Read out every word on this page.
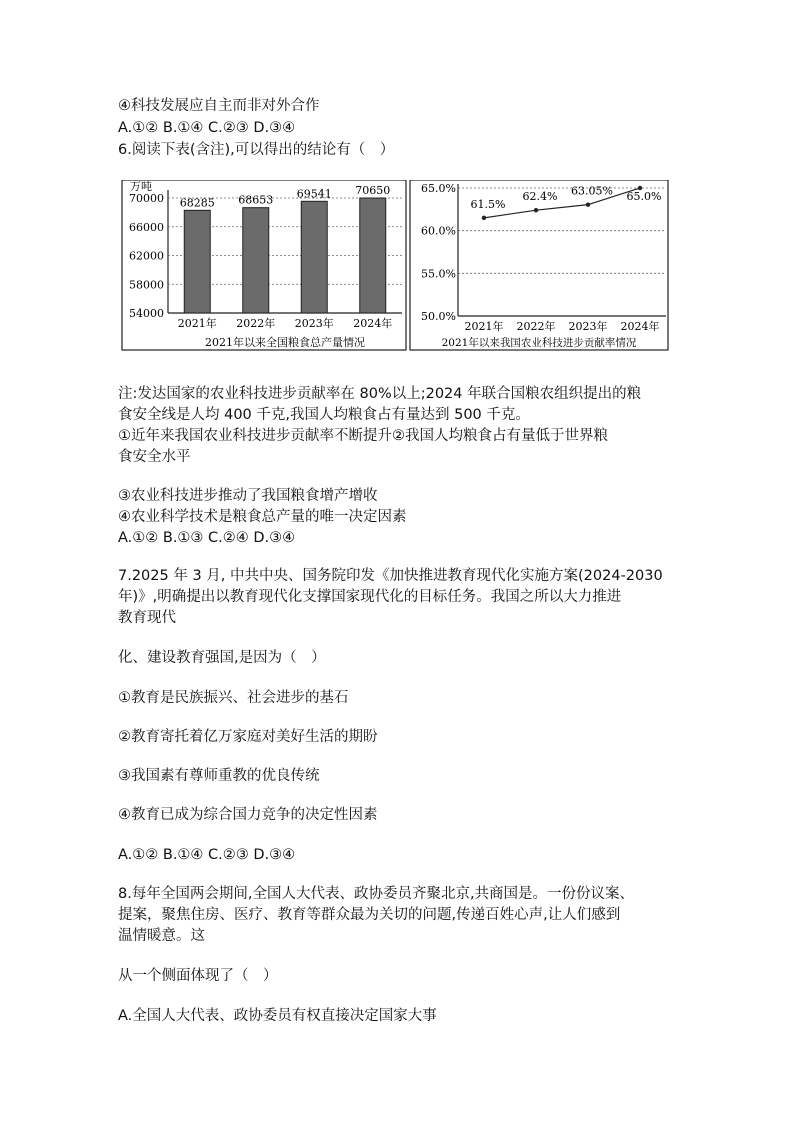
④科技发展应自主而非对外合作
A.①② B.①④ C.②③ D.③④
6.阅读下表(含注),可以得出的结论有（　）
54000
58000
62000
66000
70000
万吨
68285
2021年
68653
2022年
69541
2023年
70650
2024年
2021年以来全国粮食总产量情况
50.0%
55.0%
60.0%
65.0%
61.5%
2021年
62.4%
2022年
63.05%
2023年
65.0%
2024年
2021年以来我国农业科技进步贡献率情况
注:发达国家的农业科技进步贡献率在 80%以上;2024 年联合国粮农组织提出的粮
食安全线是人均 400 千克,我国人均粮食占有量达到 500 千克。
①近年来我国农业科技进步贡献率不断提升②我国人均粮食占有量低于世界粮
食安全水平
③农业科技进步推动了我国粮食增产增收
④农业科学技术是粮食总产量的唯一决定因素
A.①② B.①③ C.②④ D.③④
7.2025 年 3 月, 中共中央、国务院印发《加快推进教育现代化实施方案(2024-2030
年)》,明确提出以教育现代化支撑国家现代化的目标任务。我国之所以大力推进
教育现代
化、建设教育强国,是因为（　）
①教育是民族振兴、社会进步的基石
②教育寄托着亿万家庭对美好生活的期盼
③我国素有尊师重教的优良传统
④教育已成为综合国力竞争的决定性因素
A.①② B.①④ C.②③ D.③④
8.每年全国两会期间,全国人大代表、政协委员齐聚北京,共商国是。一份份议案、
提案，聚焦住房、医疗、教育等群众最为关切的问题,传递百姓心声,让人们感到
温情暖意。这
从一个侧面体现了（　）
A.全国人大代表、政协委员有权直接决定国家大事
